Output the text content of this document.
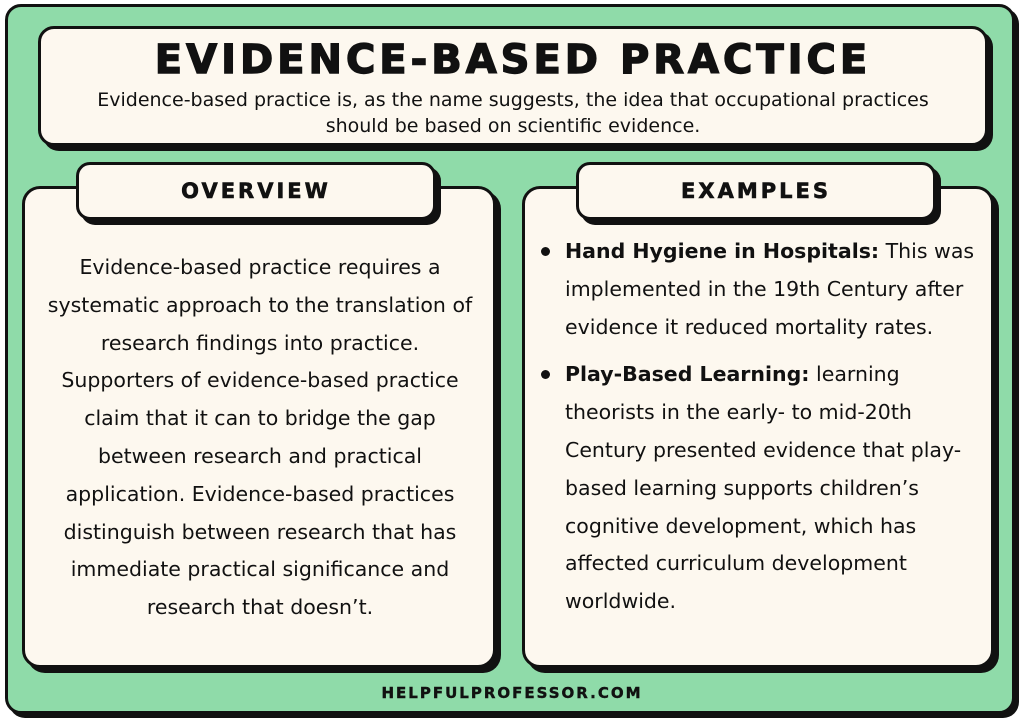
EVIDENCE-BASED PRACTICE
Evidence-based practice is, as the name suggests, the idea that occupational practices should be based on scientific evidence.
Evidence-based practice requires a systematic approach to the translation of research findings into practice. Supporters of evidence-based practice claim that it can to bridge the gap between research and practical application. Evidence-based practices distinguish between research that has immediate practical significance and research that doesn’t.
OVERVIEW
Hand Hygiene in Hospitals: This was implemented in the 19th Century after evidence it reduced mortality rates.
Play-Based Learning: learning theorists in the early- to mid-20th Century presented evidence that play-based learning supports children’s cognitive development, which has affected curriculum development worldwide.
EXAMPLES
HELPFULPROFESSOR.COM
